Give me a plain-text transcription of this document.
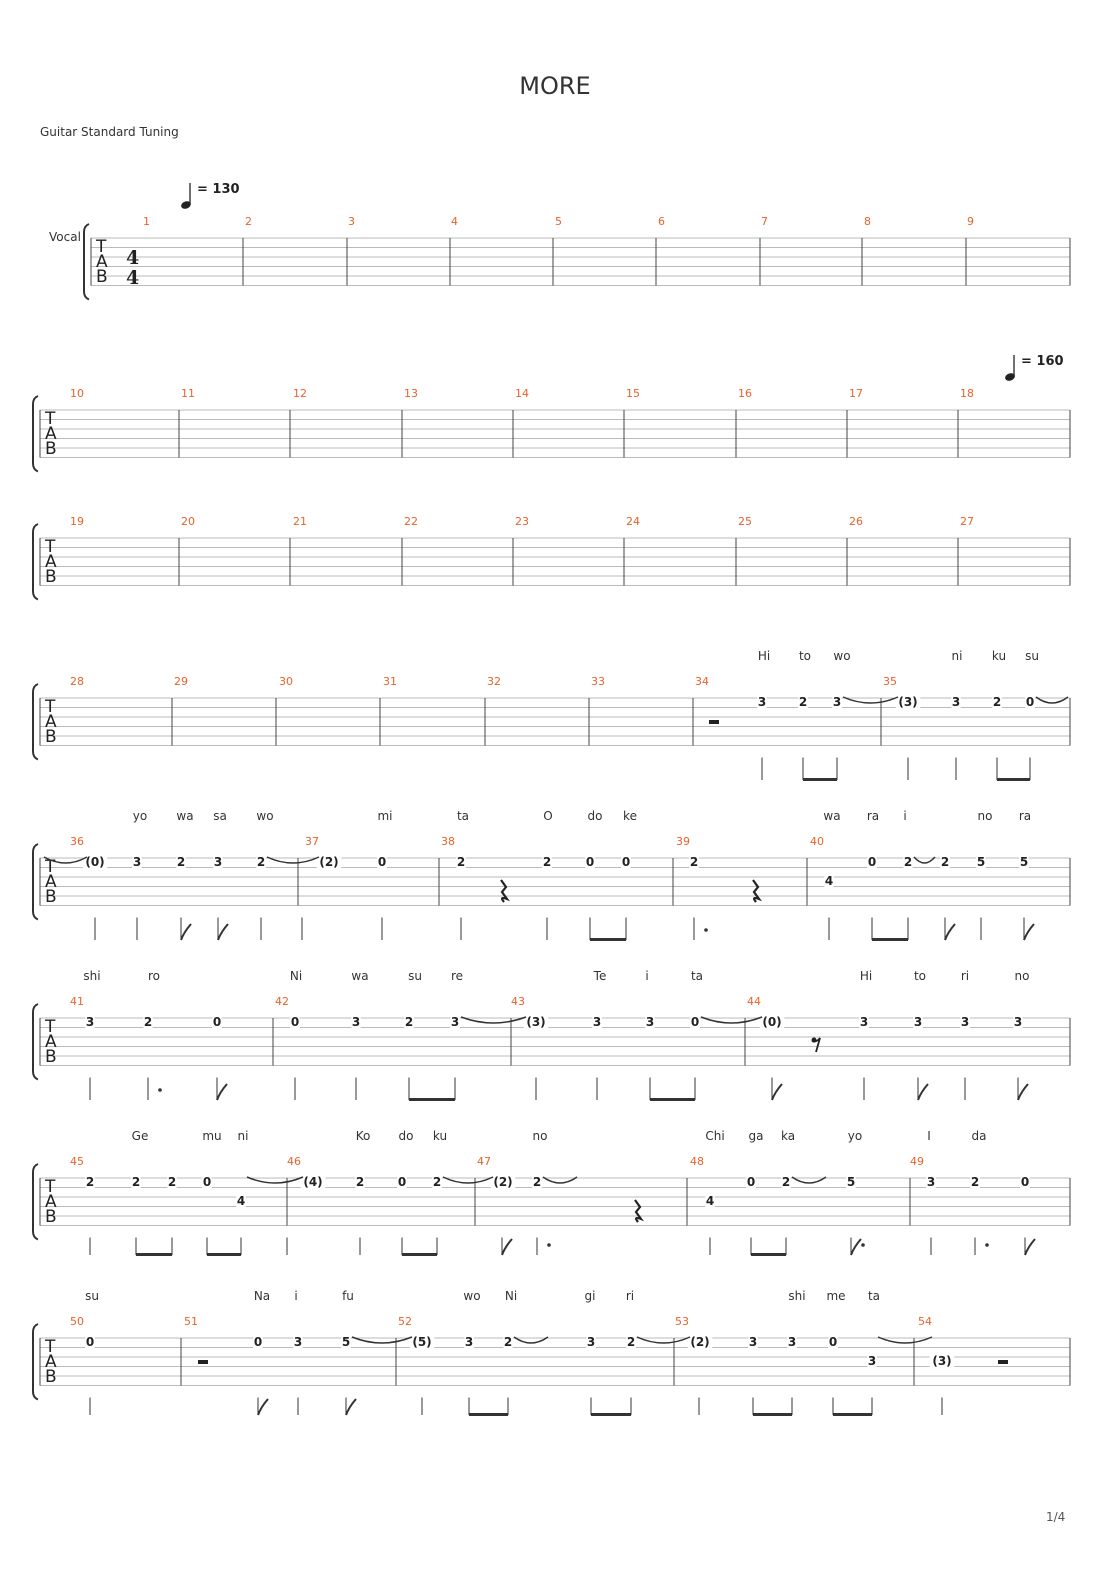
MORE
Guitar Standard Tuning
1/4
T
A
B
1	2	3	4	5	6	7	8	9
T
A
B
10	11	12	13	14	15	16	17	18
T
A
B
19	20	21	22	23	24	25	26	27
T
A
B
28	29	30	31	32	33	34	35
Hi to wo	ni ku su
3	2 3	(3)	3	2 0
T
A
B
36	37	38	39	40
yo wa sa wo	mi	ta	O	do ke	wa ra i	no ra
(0) 3	2 3	2	(2)	0	2	2	0 0	2
4
0 2 2 5	5
T
A
B
41	42	43	44
shi	ro	Ni	wa	su re	Te	i	ta	Hi	to	ri	no
3	2	0	0	3	2	3	(3)	3	3	0	(0)	3	3	3	3
T
A
B
45	46	47	48	49
Ge	mu ni	Ko do ku	no	Chi ga ka	yo	I	da
2	2 2 0
4
(4)	2	0 2	(2) 2
4
0 2	5	3	2	0
T
A
B
50	51	52	53	54
su	Na i	fu	wo Ni	gi	ri	shi me ta
0	0	3	5	(5)	3	2	3	2	(2)	3	3	0
3	(3)
4
4
Vocal
= 130
= 160
